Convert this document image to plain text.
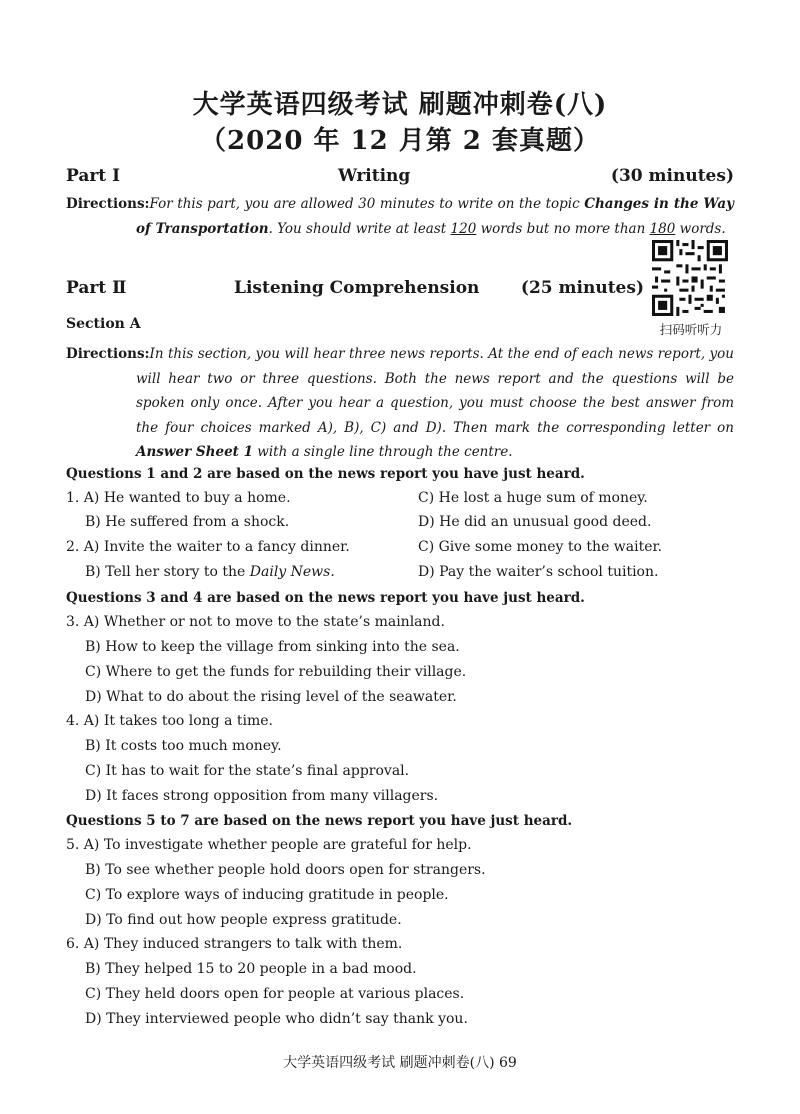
大学英语四级考试 刷题冲刺卷(八)
（2020 年 12 月第 2 套真题）
Part Ⅰ	Writing	(30 minutes)
Directions:For this part, you are allowed 30 minutes to write on the topic Changes in the Way of Transportation. You should write at least 120 words but no more than 180 words.
Part Ⅱ	Listening Comprehension (25 minutes)
扫码听听力
Section A
Directions:In this section, you will hear three news reports. At the end of each news report, you will hear two or three questions. Both the news report and the questions will be spoken only once. After you hear a question, you must choose the best answer from the four choices marked A), B), C) and D). Then mark the corresponding letter on Answer Sheet 1 with a single line through the centre.
Questions 1 and 2 are based on the news report you have just heard.
1. A) He wanted to buy a home.	C) He lost a huge sum of money.
B) He suffered from a shock.	D) He did an unusual good deed.
2. A) Invite the waiter to a fancy dinner.	C) Give some money to the waiter.
B) Tell her story to the Daily News.	D) Pay the waiter’s school tuition.
Questions 3 and 4 are based on the news report you have just heard.
3. A) Whether or not to move to the state’s mainland.
B) How to keep the village from sinking into the sea.
C) Where to get the funds for rebuilding their village.
D) What to do about the rising level of the seawater.
4. A) It takes too long a time.
B) It costs too much money.
C) It has to wait for the state’s final approval.
D) It faces strong opposition from many villagers.
Questions 5 to 7 are based on the news report you have just heard.
5. A) To investigate whether people are grateful for help.
B) To see whether people hold doors open for strangers.
C) To explore ways of inducing gratitude in people.
D) To find out how people express gratitude.
6. A) They induced strangers to talk with them.
B) They helped 15 to 20 people in a bad mood.
C) They held doors open for people at various places.
D) They interviewed people who didn’t say thank you.
大学英语四级考试 刷题冲刺卷(八) 69
